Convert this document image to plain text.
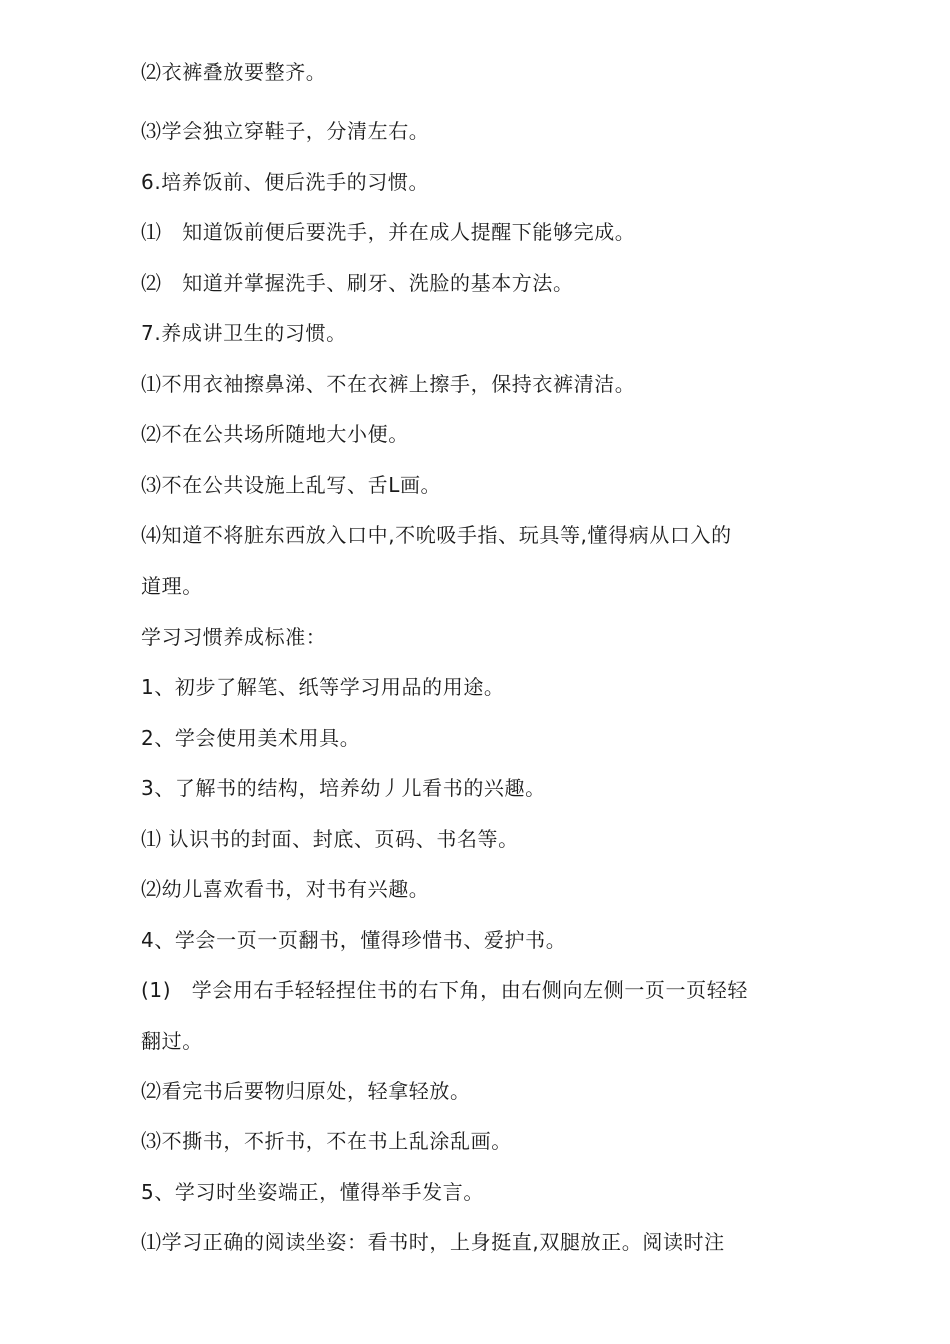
⑵衣裤叠放要整齐。
⑶学会独立穿鞋子，分清左右。
6.培养饭前、便后洗手的习惯。
⑴　知道饭前便后要洗手，并在成人提醒下能够完成。
⑵　知道并掌握洗手、刷牙、洗脸的基本方法。
7.养成讲卫生的习惯。
⑴不用衣袖擦鼻涕、不在衣裤上擦手，保持衣裤清洁。
⑵不在公共场所随地大小便。
⑶不在公共设施上乱写、舌L画。
⑷知道不将脏东西放入口中,不吮吸手指、玩具等,懂得病从口入的
道理。
学习习惯养成标准：
1、初步了解笔、纸等学习用品的用途。
2、学会使用美术用具。
3、了解书的结构，培养幼丿儿看书的兴趣。
⑴ 认识书的封面、封底、页码、书名等。
⑵幼儿喜欢看书，对书有兴趣。
4、学会一页一页翻书，懂得珍惜书、爱护书。
(1)　学会用右手轻轻捏住书的右下角，由右侧向左侧一页一页轻轻
翻过。
⑵看完书后要物归原处，轻拿轻放。
⑶不撕书，不折书，不在书上乱涂乱画。
5、学习时坐姿端正，懂得举手发言。
⑴学习正确的阅读坐姿：看书时，上身挺直,双腿放正。阅读时注
